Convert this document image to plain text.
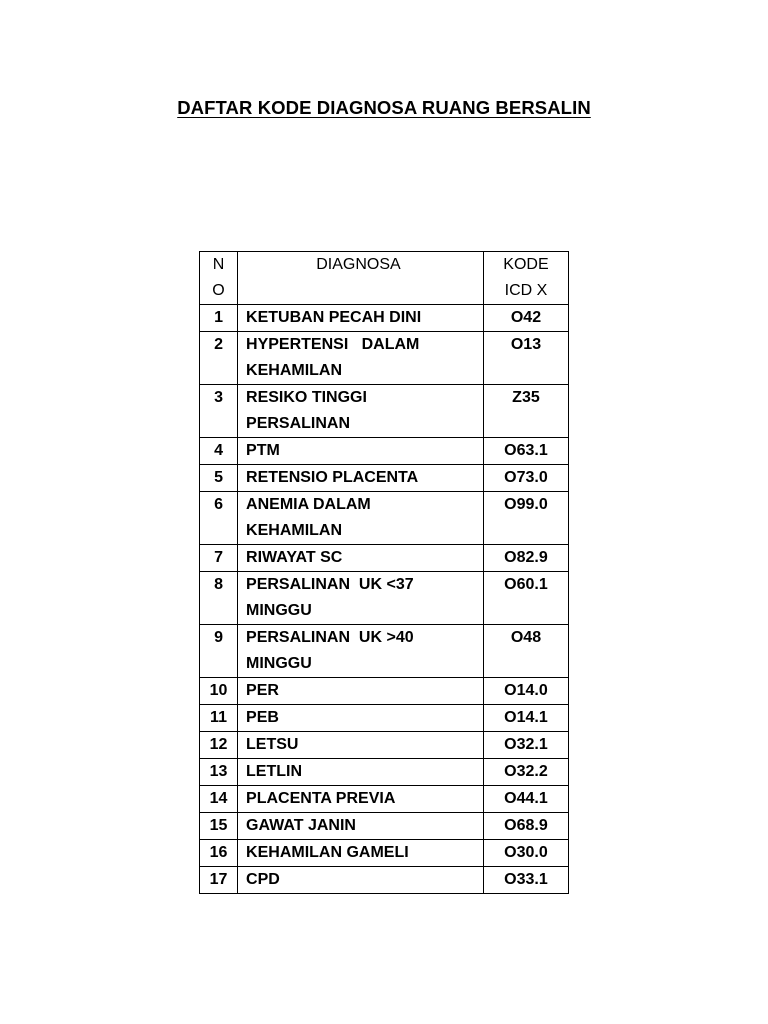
DAFTAR KODE DIAGNOSA RUANG BERSALIN
N
O	DIAGNOSA	KODE
ICD X

1	KETUBAN PECAH DINI	O42
2	HYPERTENSI   DALAM
KEHAMILAN	O13
3	RESIKO TINGGI
PERSALINAN	Z35
4	PTM	O63.1
5	RETENSIO PLACENTA	O73.0
6	ANEMIA DALAM
KEHAMILAN	O99.0
7	RIWAYAT SC	O82.9
8	PERSALINAN  UK <37
MINGGU	O60.1
9	PERSALINAN  UK >40
MINGGU	O48
10	PER	O14.0
11	PEB	O14.1
12	LETSU	O32.1
13	LETLIN	O32.2
14	PLACENTA PREVIA	O44.1
15	GAWAT JANIN	O68.9
16	KEHAMILAN GAMELI	O30.0
17	CPD	O33.1
